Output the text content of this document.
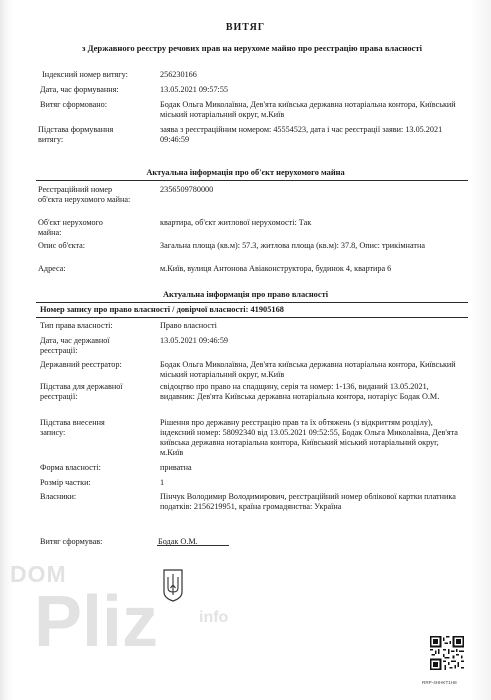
ВИТЯГ
з Державного реєстру речових прав на нерухоме майно про реєстрацію права власності
Індексний номер витягу:	256230166
Дата, час формування:	13.05.2021 09:57:55
Витяг сформовано:	Бодак Ольга Миколаївна, Дев'ята київська державна нотаріальна контора, Київський міський нотаріальний округ, м.Київ
Підстава формування витягу:
заява з реєстраційним номером: 45554523, дата і час реєстрації заяви: 13.05.2021 09:46:59
Актуальна інформація про об'єкт нерухомого майна
Реєстраційний номер об'єкта нерухомого майна:
2356509780000
Об'єкт нерухомого майна:
квартира, об'єкт житлової нерухомості: Так
Опис об'єкта:	Загальна площа (кв.м): 57.3, житлова площа (кв.м): 37.8, Опис: трикімнатна
Адреса:	м.Київ, вулиця Антонова Авіаконструктора, будинок 4, квартира 6
Актуальна інформація про право власності
Номер запису про право власності / довірчої власності: 41905168
Тип права власності:	Право власності
Дата, час державної реєстрації:
13.05.2021 09:46:59
Державний реєстратор:	Бодак Ольга Миколаївна, Дев'ята київська державна нотаріальна контора, Київський міський нотаріальний округ, м.Київ
Підстава для державної реєстрації:
свідоцтво про право на спадщину, серія та номер: 1-136, виданий 13.05.2021, видавник: Дев'ята Київська державна нотаріальна контора, нотаріус Бодак О.М.
Підстава внесення запису:
Рішення про державну реєстрацію прав та їх обтяжень (з відкриттям розділу), індексний номер: 58092340 від 13.05.2021 09:52:55, Бодак Ольга Миколаївна, Дев'ята київська державна нотаріальна контора, Київський міський нотаріальний округ, м.Київ
Форма власності:	приватна
Розмір частки:	1
Власники:	Пінчук Володимир Володимирович, реєстраційний номер облікової картки платника податків: 2156219951, країна громадянства: Україна
Витяг сформував:	Бодак О.М.
DOM
Pliz	info
RRP-4HHKT1H8
